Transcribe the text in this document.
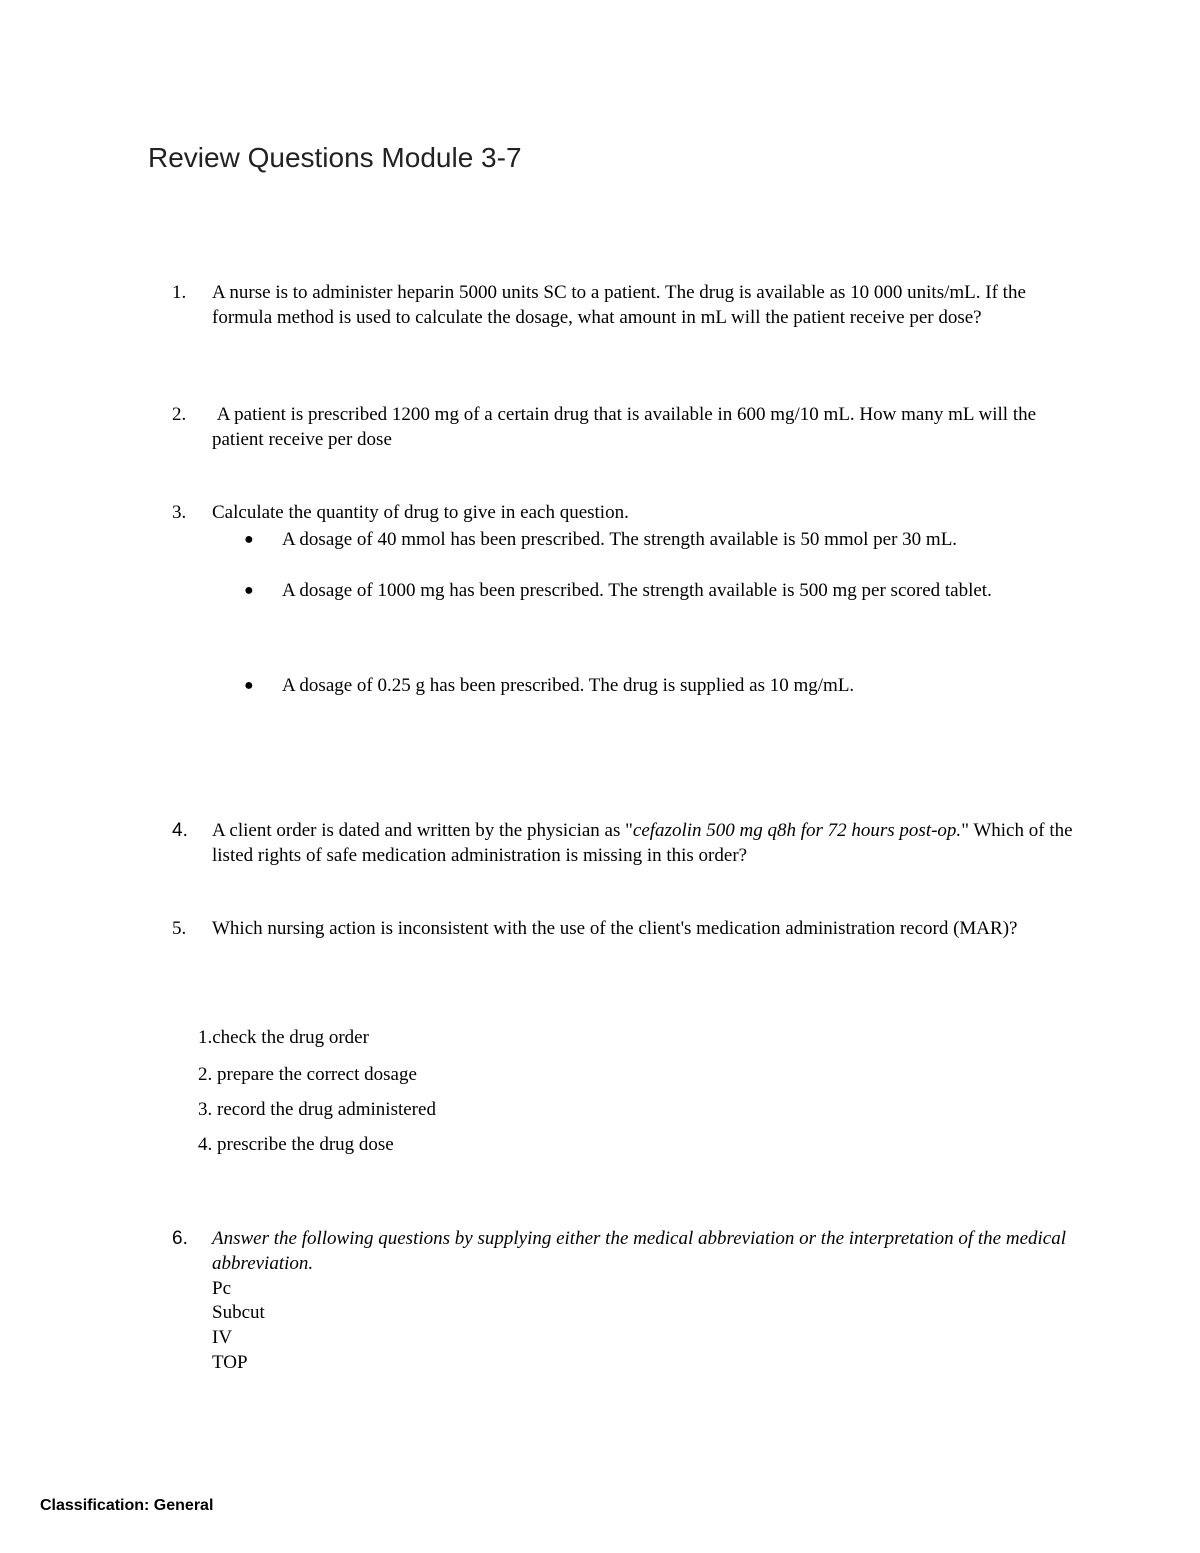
Review Questions Module 3-7
1. A nurse is to administer heparin 5000 units SC to a patient. The drug is available as 10 000 units/mL. If the formula method is used to calculate the dosage, what amount in mL will the patient receive per dose?
2. A patient is prescribed 1200 mg of a certain drug that is available in 600 mg/10 mL. How many mL will the patient receive per dose
3. Calculate the quantity of drug to give in each question.
● A dosage of 40 mmol has been prescribed. The strength available is 50 mmol per 30 mL.
● A dosage of 1000 mg has been prescribed. The strength available is 500 mg per scored tablet.
● A dosage of 0.25 g has been prescribed. The drug is supplied as 10 mg/mL.
4. A client order is dated and written by the physician as "cefazolin 500 mg q8h for 72 hours post-op." Which of the listed rights of safe medication administration is missing in this order?
5. Which nursing action is inconsistent with the use of the client's medication administration record (MAR)?
1.check the drug order
2. prepare the correct dosage
3. record the drug administered
4. prescribe the drug dose
6. Answer the following questions by supplying either the medical abbreviation or the interpretation of the medical abbreviation.
Pc
Subcut
IV
TOP
Classification: General
